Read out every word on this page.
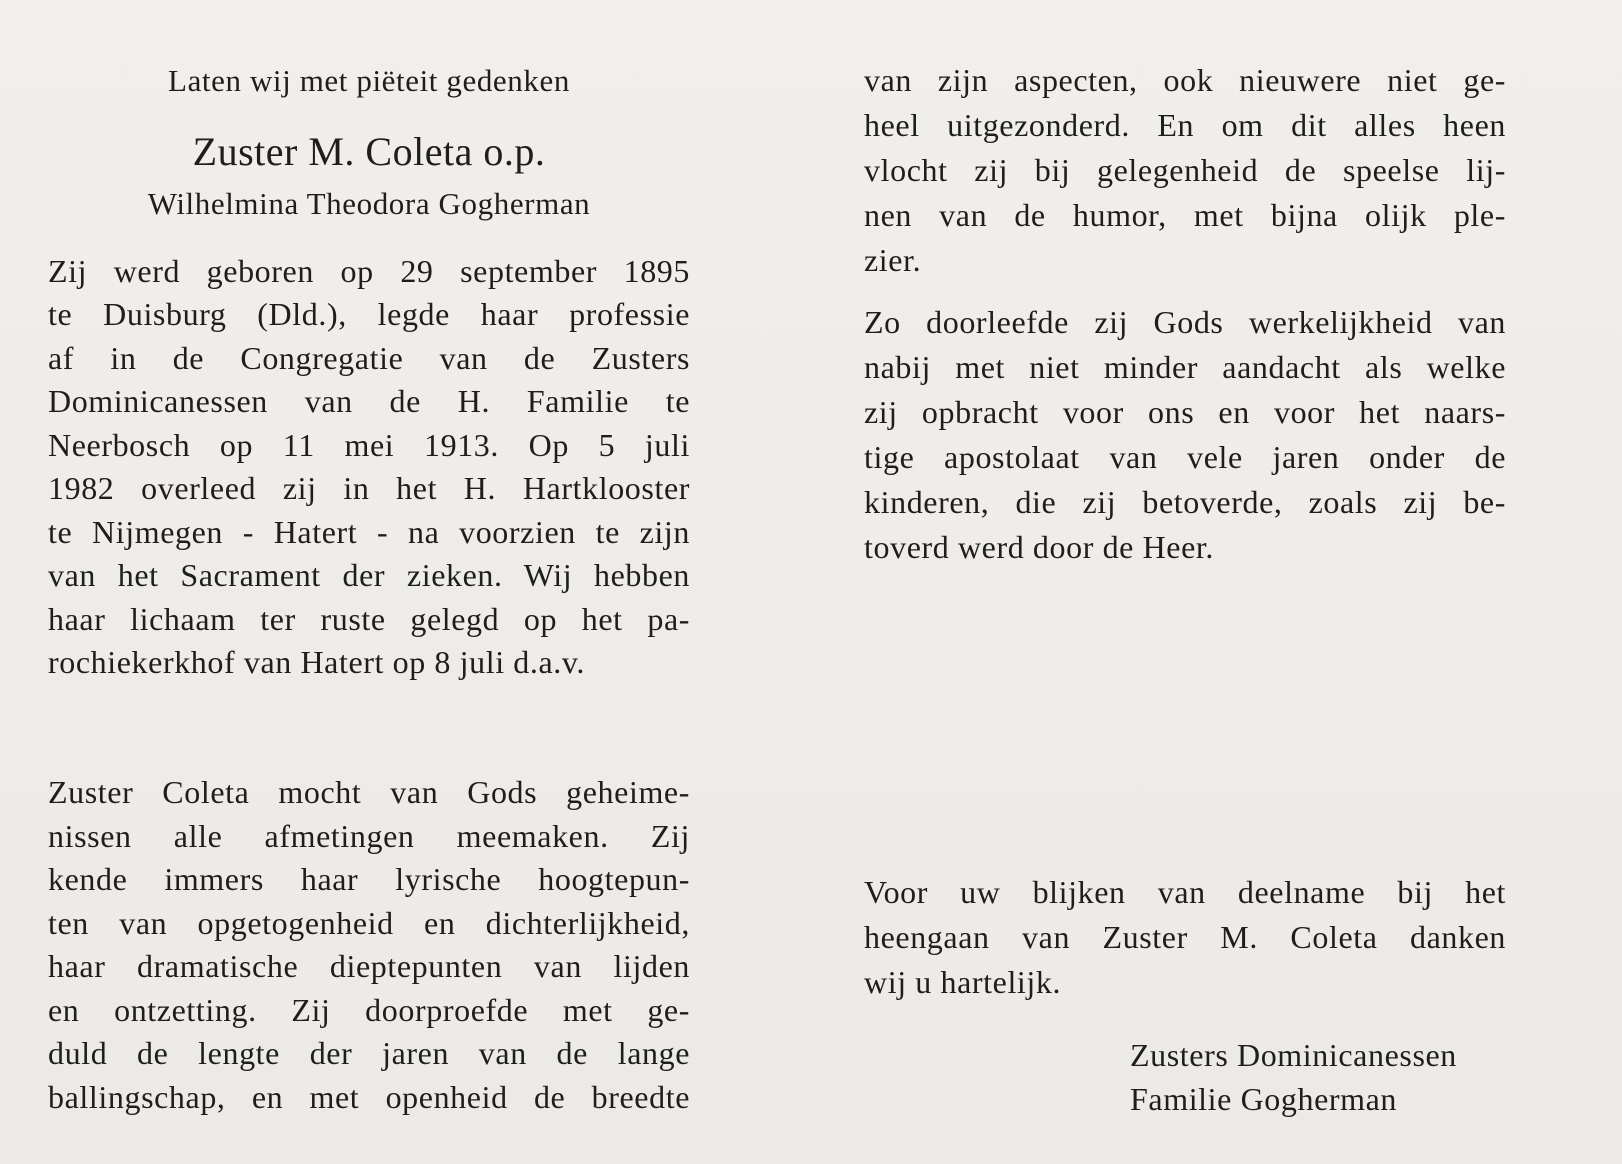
Laten wij met piëteit gedenken
Zuster M. Coleta o.p.
Wilhelmina Theodora Gogherman
Zij werd geboren op 29 september 1895
te Duisburg (Dld.), legde haar professie
af in de Congregatie van de Zusters
Dominicanessen van de H. Familie te
Neerbosch op 11 mei 1913. Op 5 juli
1982 overleed zij in het H. Hartklooster
te Nijmegen - Hatert - na voorzien te zijn
van het Sacrament der zieken. Wij hebben
haar lichaam ter ruste gelegd op het pa-
rochiekerkhof van Hatert op 8 juli d.a.v.
Zuster Coleta mocht van Gods geheime-
nissen alle afmetingen meemaken. Zij
kende immers haar lyrische hoogtepun-
ten van opgetogenheid en dichterlijkheid,
haar dramatische dieptepunten van lijden
en ontzetting. Zij doorproefde met ge-
duld de lengte der jaren van de lange
ballingschap, en met openheid de breedte
van zijn aspecten, ook nieuwere niet ge-
heel uitgezonderd. En om dit alles heen
vlocht zij bij gelegenheid de speelse lij-
nen van de humor, met bijna olijk ple-
zier.
Zo doorleefde zij Gods werkelijkheid van
nabij met niet minder aandacht als welke
zij opbracht voor ons en voor het naars-
tige apostolaat van vele jaren onder de
kinderen, die zij betoverde, zoals zij be-
toverd werd door de Heer.
Voor uw blijken van deelname bij het
heengaan van Zuster M. Coleta danken
wij u hartelijk.
Zusters Dominicanessen
Familie Gogherman
